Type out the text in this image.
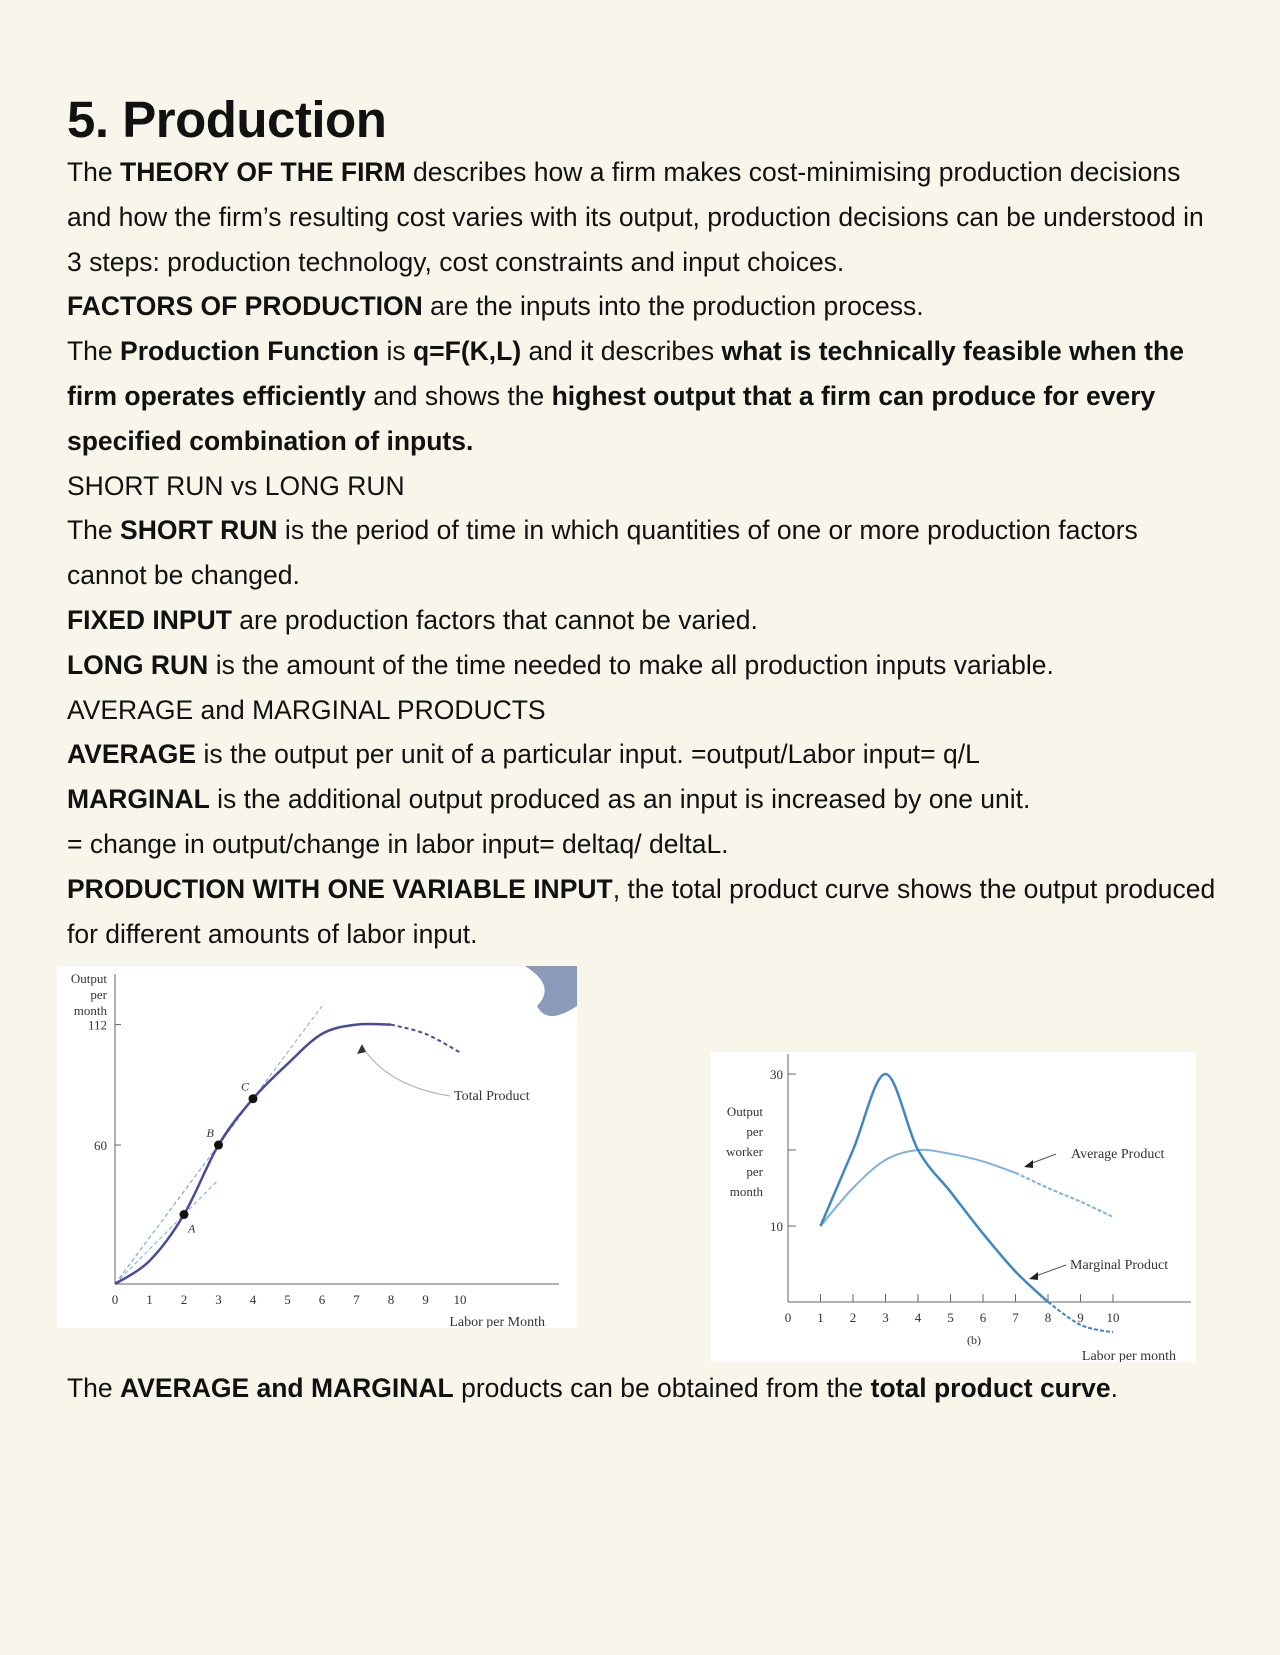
5. Production

The THEORY OF THE FIRM describes how a firm makes cost-minimising production decisions and how the firm’s resulting cost varies with its output, production decisions can be understood in 3 steps: production technology, cost constraints and input choices.

FACTORS OF PRODUCTION are the inputs into the production process.

The Production Function is q=F(K,L) and it describes what is technically feasible when the firm operates efficiently and shows the highest output that a firm can produce for every specified combination of inputs.

SHORT RUN vs LONG RUN

The SHORT RUN is the period of time in which quantities of one or more production factors cannot be changed.

FIXED INPUT are production factors that cannot be varied.

LONG RUN is the amount of the time needed to make all production inputs variable.

AVERAGE and MARGINAL PRODUCTS

AVERAGE is the output per unit of a particular input. =output/Labor input= q/L

MARGINAL is the additional output produced as an input is increased by one unit.

= change in output/change in labor input= deltaq/ deltaL.

PRODUCTION WITH ONE VARIABLE INPUT, the total product curve shows the output produced for different amounts of labor input.

Output
per
month
60
112
0 1 2 3 4 5 6 7 8 9 10
Labor per Month
A
B
C
Total Product
Output
per
worker
per
month
10
30
0 1 2 3 4 5 6 7 8 9 10
(b)
Labor per month
Average Product
Marginal Product

The AVERAGE and MARGINAL products can be obtained from the total product curve.
